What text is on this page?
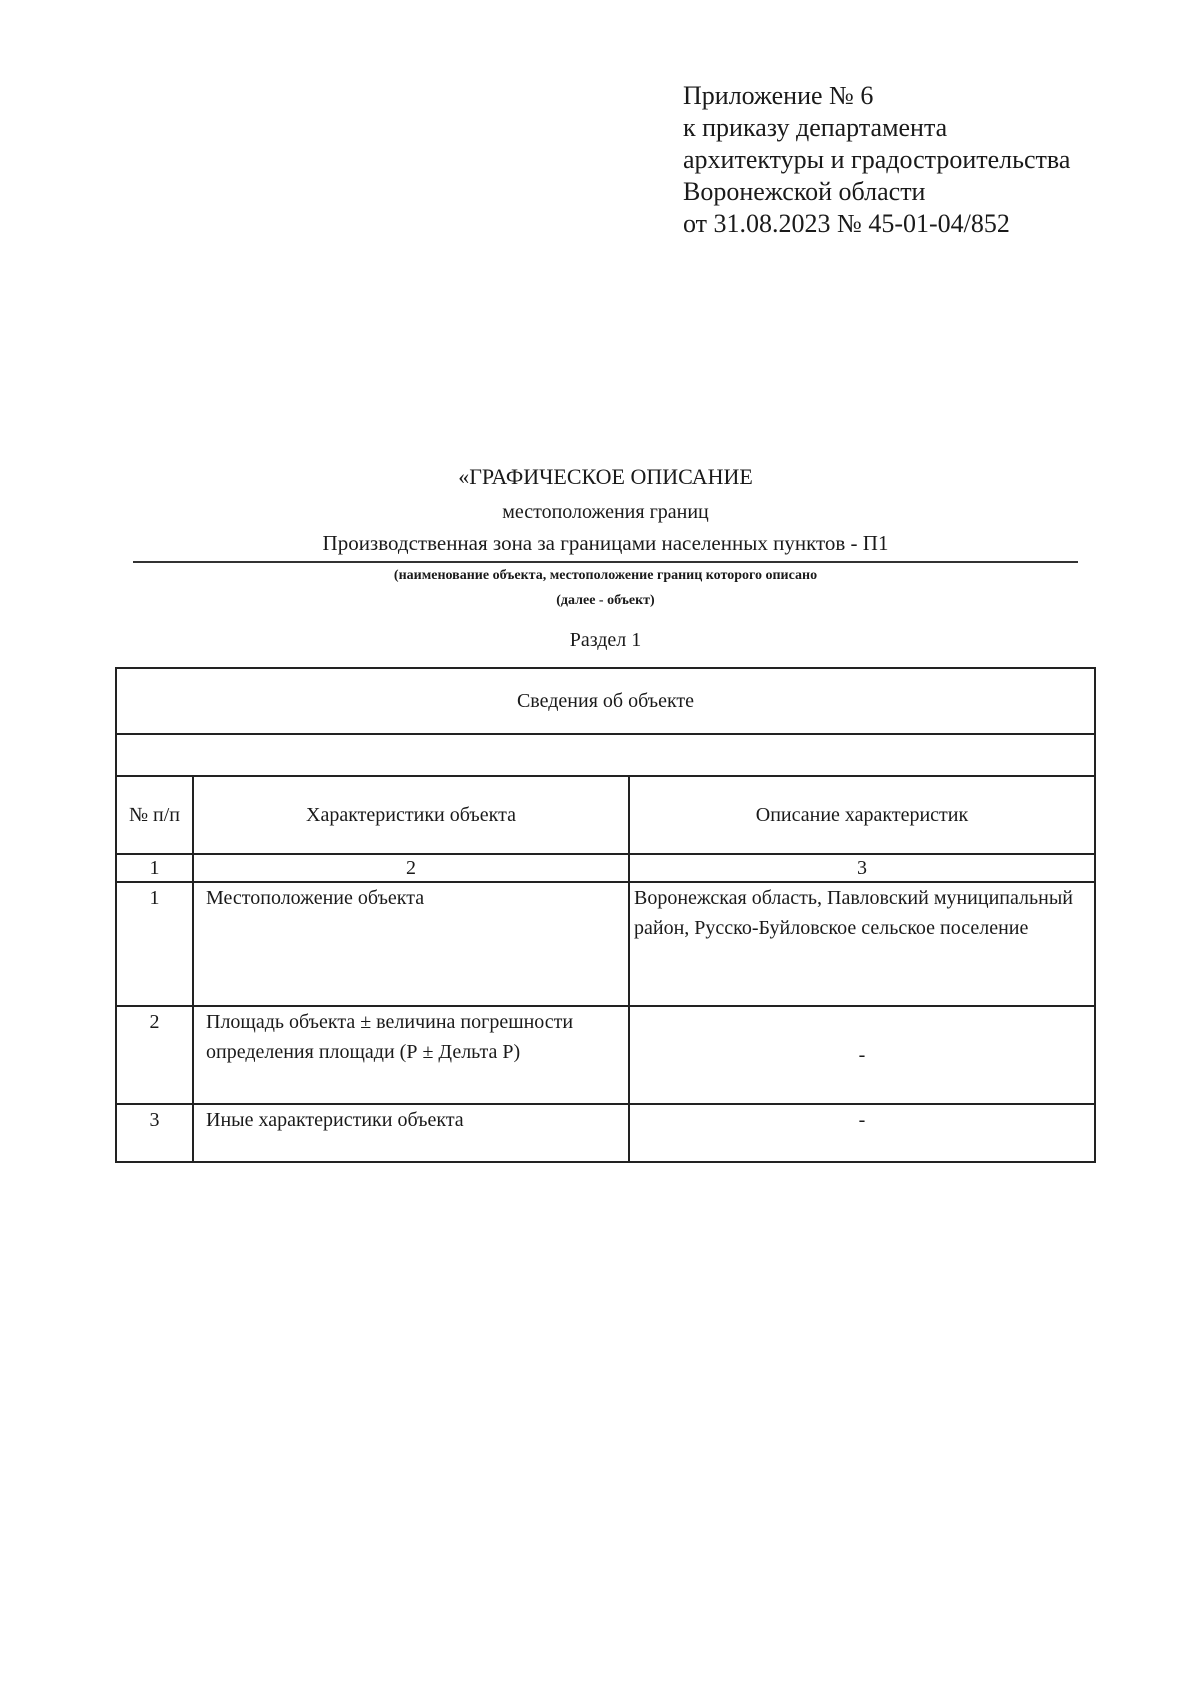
Приложение № 6
к приказу департамента
архитектуры и градостроительства
Воронежской области
от 31.08.2023 № 45-01-04/852
«ГРАФИЧЕСКОЕ ОПИСАНИЕ
местоположения границ
Производственная зона за границами населенных пунктов - П1
(наименование объекта, местоположение границ которого описано
(далее - объект)
Раздел 1
Сведения об объекте		

№ п/п	Характеристики объекта	Описание характеристик
1	2	3
1	Местоположение объекта	Воронежская область, Павловский муниципальный район, Русско-Буйловское сельское поселение
2	Площадь объекта ± величина погрешности определения площади (Р ± Дельта Р)	-
3	Иные характеристики объекта	-
